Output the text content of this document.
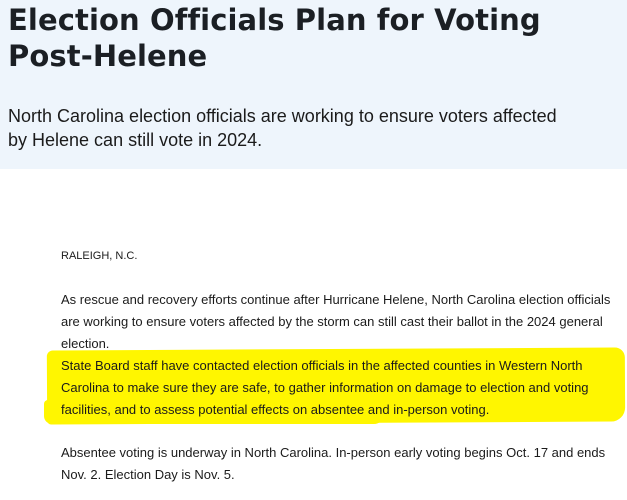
Election Officials Plan for Voting Post-Helene

North Carolina election officials are working to ensure voters affected by Helene can still vote in 2024.

RALEIGH, N.C.

As rescue and recovery efforts continue after Hurricane Helene, North Carolina election officials are working to ensure voters affected by the storm can still cast their ballot in the 2024 general election.

State Board staff have contacted election officials in the affected counties in Western North Carolina to make sure they are safe, to gather information on damage to election and voting facilities, and to assess potential effects on absentee and in-person voting.

Absentee voting is underway in North Carolina. In-person early voting begins Oct. 17 and ends Nov. 2. Election Day is Nov. 5.
